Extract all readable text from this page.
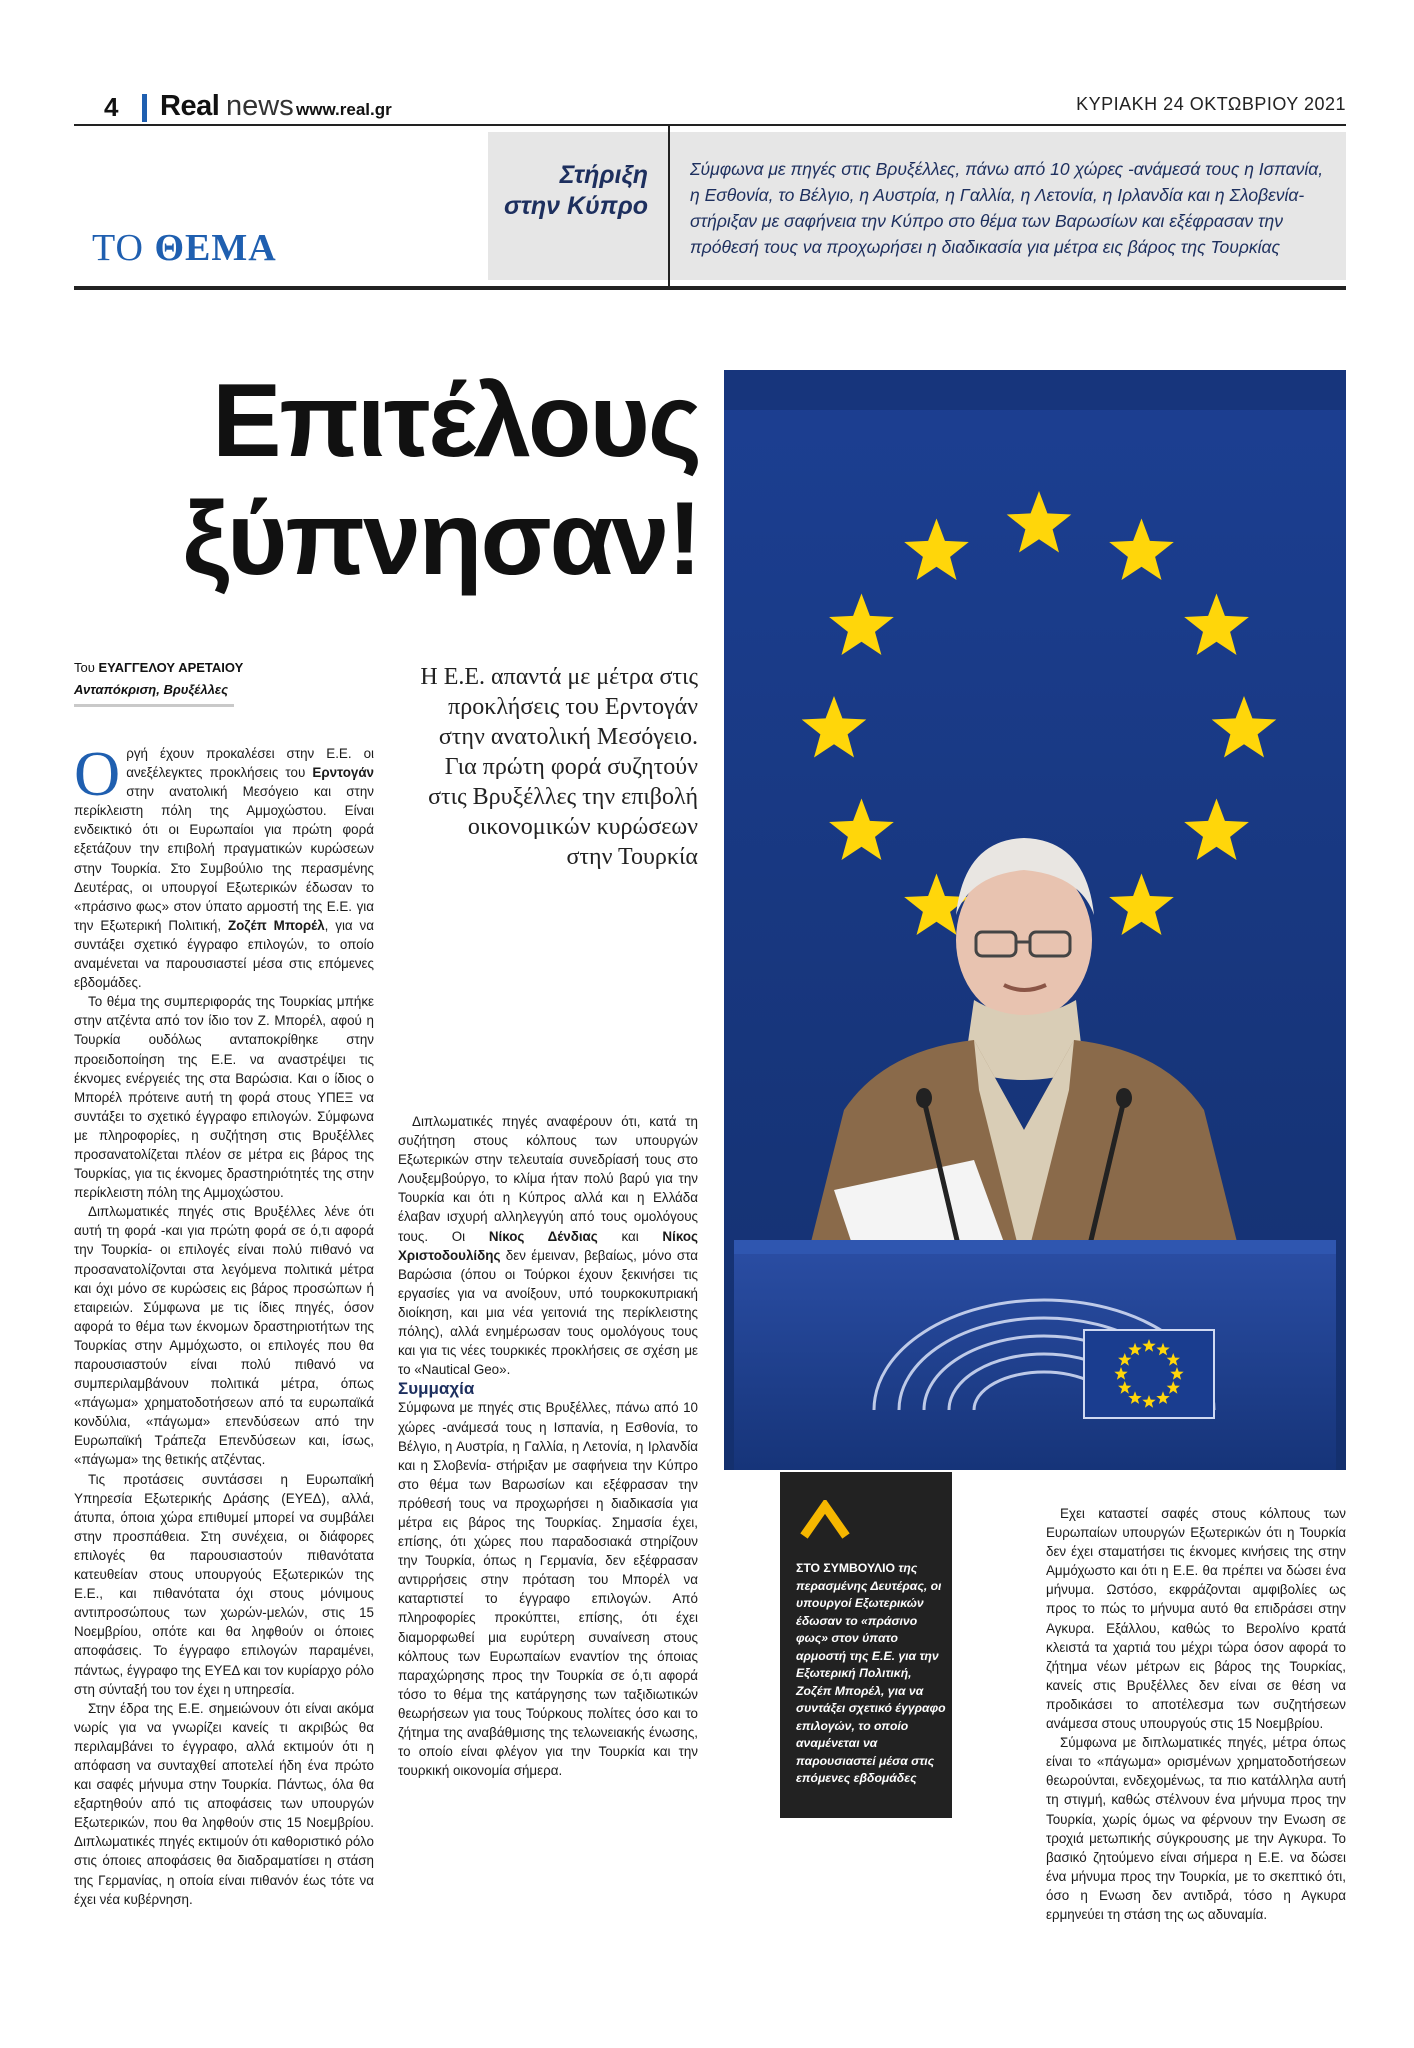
4 Real news www.real.gr	ΚΥΡΙΑΚΗ 24 ΟΚΤΩΒΡΙΟΥ 2021
Στήριξη
στην Κύπρο
Σύμφωνα με πηγές στις Βρυξέλλες, πάνω από 10 χώρες -ανάμεσά τους η Ισπανία, η Εσθονία, το Βέλγιο, η Αυστρία, η Γαλλία, η Λετονία, η Ιρλανδία και η Σλοβενία- στήριξαν με σαφήνεια την Κύπρο στο θέμα των Βαρωσίων και εξέφρασαν την πρόθεσή τους να προχωρήσει η διαδικασία για μέτρα εις βάρος της Τουρκίας
ΤΟ ΘΕΜΑ
Επιτέλους
ξύπνησαν!
Του ΕΥΑΓΓΕΛΟΥ ΑΡΕΤΑΙΟΥ
Ανταπόκριση, Βρυξέλλες	Η Ε.Ε. απαντά με μέτρα στις προκλήσεις του Ερντογάν στην ανατολική Μεσόγειο. Για πρώτη φορά συζητούν στις Βρυξέλλες την επιβολή οικονομικών κυρώσεων στην Τουρκία

Οργή έχουν προκαλέσει στην Ε.Ε. οι ανεξέλεγκτες προκλήσεις του Ερντογάν στην ανατολική Μεσόγειο και στην περίκλειστη πόλη της Αμμοχώστου. Είναι ενδεικτικό ότι οι Ευρωπαίοι για πρώτη φορά εξετάζουν την επιβολή πραγματικών κυρώσεων στην Τουρκία. Στο Συμβούλιο της περασμένης Δευτέρας, οι υπουργοί Εξωτερικών έδωσαν το «πράσινο φως» στον ύπατο αρμοστή της Ε.Ε. για την Εξωτερική Πολιτική, Ζοζέπ Μπορέλ, για να συντάξει σχετικό έγγραφο επιλογών, το οποίο αναμένεται να παρουσιαστεί μέσα στις επόμενες εβδομάδες.

Το θέμα της συμπεριφοράς της Τουρκίας μπήκε στην ατζέντα από τον ίδιο τον Ζ. Μπορέλ, αφού η Τουρκία ουδόλως ανταποκρίθηκε στην προειδοποίηση της Ε.Ε. να αναστρέψει τις έκνομες ενέργειές της στα Βαρώσια. Και ο ίδιος ο Μπορέλ πρότεινε αυτή τη φορά στους ΥΠΕΞ να συντάξει το σχετικό έγγραφο επιλογών. Σύμφωνα με πληροφορίες, η συζήτηση στις Βρυξέλλες προσανατολίζεται πλέον σε μέτρα εις βάρος της Τουρκίας, για τις έκνομες δραστηριότητές της στην περίκλειστη πόλη της Αμμοχώστου.

Διπλωματικές πηγές στις Βρυξέλλες λένε ότι αυτή τη φορά -και για πρώτη φορά σε ό,τι αφορά την Τουρκία- οι επιλογές είναι πολύ πιθανό να προσανατολίζονται στα λεγόμενα πολιτικά μέτρα και όχι μόνο σε κυρώσεις εις βάρος προσώπων ή εταιρειών. Σύμφωνα με τις ίδιες πηγές, όσον αφορά το θέμα των έκνομων δραστηριοτήτων της Τουρκίας στην Αμμόχωστο, οι επιλογές που θα παρουσιαστούν είναι πολύ πιθανό να συμπεριλαμβάνουν πολιτικά μέτρα, όπως «πάγωμα» χρηματοδοτήσεων από τα ευρωπαϊκά κονδύλια, «πάγωμα» επενδύσεων από την Ευρωπαϊκή Τράπεζα Επενδύσεων και, ίσως, «πάγωμα» της θετικής ατζέντας.

Τις προτάσεις συντάσσει η Ευρωπαϊκή Υπηρεσία Εξωτερικής Δράσης (ΕΥΕΔ), αλλά, άτυπα, όποια χώρα επιθυμεί μπορεί να συμβάλει στην προσπάθεια. Στη συνέχεια, οι διάφορες επιλογές θα παρουσιαστούν πιθανότατα κατευθείαν στους υπουργούς Εξωτερικών της Ε.Ε., και πιθανότατα όχι στους μόνιμους αντιπροσώπους των χωρών-μελών, στις 15 Νοεμβρίου, οπότε και θα ληφθούν οι όποιες αποφάσεις. Το έγγραφο επιλογών παραμένει, πάντως, έγγραφο της ΕΥΕΔ και τον κυρίαρχο ρόλο στη σύνταξή του τον έχει η υπηρεσία.

Στην έδρα της Ε.Ε. σημειώνουν ότι είναι ακόμα νωρίς για να γνωρίζει κανείς τι ακριβώς θα περιλαμβάνει το έγγραφο, αλλά εκτιμούν ότι η απόφαση να συνταχθεί αποτελεί ήδη ένα πρώτο και σαφές μήνυμα στην Τουρκία. Πάντως, όλα θα εξαρτηθούν από τις αποφάσεις των υπουργών Εξωτερικών, που θα ληφθούν στις 15 Νοεμβρίου. Διπλωματικές πηγές εκτιμούν ότι καθοριστικό ρόλο στις όποιες αποφάσεις θα διαδραματίσει η στάση της Γερμανίας, η οποία είναι πιθανόν έως τότε να έχει νέα κυβέρνηση.

Διπλωματικές πηγές αναφέρουν ότι, κατά τη συζήτηση στους κόλπους των υπουργών Εξωτερικών στην τελευταία συνεδρίασή τους στο Λουξεμβούργο, το κλίμα ήταν πολύ βαρύ για την Τουρκία και ότι η Κύπρος αλλά και η Ελλάδα έλαβαν ισχυρή αλληλεγγύη από τους ομολόγους τους. Οι Νίκος Δένδιας και Νίκος Χριστοδουλίδης δεν έμειναν, βεβαίως, μόνο στα Βαρώσια (όπου οι Τούρκοι έχουν ξεκινήσει τις εργασίες για να ανοίξουν, υπό τουρκοκυπριακή διοίκηση, και μια νέα γειτονιά της περίκλειστης πόλης), αλλά ενημέρωσαν τους ομολόγους τους και για τις νέες τουρκικές προκλήσεις σε σχέση με το «Nautical Geo».

Συμμαχία

Σύμφωνα με πηγές στις Βρυξέλλες, πάνω από 10 χώρες -ανάμεσά τους η Ισπανία, η Εσθονία, το Βέλγιο, η Αυστρία, η Γαλλία, η Λετονία, η Ιρλανδία και η Σλοβενία- στήριξαν με σαφήνεια την Κύπρο στο θέμα των Βαρωσίων και εξέφρασαν την πρόθεσή τους να προχωρήσει η διαδικασία για μέτρα εις βάρος της Τουρκίας. Σημασία έχει, επίσης, ότι χώρες που παραδοσιακά στηρίζουν την Τουρκία, όπως η Γερμανία, δεν εξέφρασαν αντιρρήσεις στην πρόταση του Μπορέλ να καταρτιστεί το έγγραφο επιλογών. Από πληροφορίες προκύπτει, επίσης, ότι έχει διαμορφωθεί μια ευρύτερη συναίνεση στους κόλπους των Ευρωπαίων εναντίον της όποιας παραχώρησης προς την Τουρκία σε ό,τι αφορά τόσο το θέμα της κατάργησης των ταξιδιωτικών θεωρήσεων για τους Τούρκους πολίτες όσο και το ζήτημα της αναβάθμισης της τελωνειακής ένωσης, το οποίο είναι φλέγον για την Τουρκία και την τουρκική οικονομία σήμερα.

ΣΤΟ ΣΥΜΒΟΥΛΙΟ της περασμένης Δευτέρας, οι υπουργοί Εξωτερικών έδωσαν το «πράσινο φως» στον ύπατο αρμοστή της Ε.Ε. για την Εξωτερική Πολιτική, Ζοζέπ Μπορέλ, για να συντάξει σχετικό έγγραφο επιλογών, το οποίο αναμένεται να παρουσιαστεί μέσα στις επόμενες εβδομάδες

Εχει καταστεί σαφές στους κόλπους των Ευρωπαίων υπουργών Εξωτερικών ότι η Τουρκία δεν έχει σταματήσει τις έκνομες κινήσεις της στην Αμμόχωστο και ότι η Ε.Ε. θα πρέπει να δώσει ένα μήνυμα. Ωστόσο, εκφράζονται αμφιβολίες ως προς το πώς το μήνυμα αυτό θα επιδράσει στην Αγκυρα. Εξάλλου, καθώς το Βερολίνο κρατά κλειστά τα χαρτιά του μέχρι τώρα όσον αφορά το ζήτημα νέων μέτρων εις βάρος της Τουρκίας, κανείς στις Βρυξέλλες δεν είναι σε θέση να προδικάσει το αποτέλεσμα των συζητήσεων ανάμεσα στους υπουργούς στις 15 Νοεμβρίου.

Σύμφωνα με διπλωματικές πηγές, μέτρα όπως είναι το «πάγωμα» ορισμένων χρηματοδοτήσεων θεωρούνται, ενδεχομένως, τα πιο κατάλληλα αυτή τη στιγμή, καθώς στέλνουν ένα μήνυμα προς την Τουρκία, χωρίς όμως να φέρνουν την Ενωση σε τροχιά μετωπικής σύγκρουσης με την Αγκυρα. Το βασικό ζητούμενο είναι σήμερα η Ε.Ε. να δώσει ένα μήνυμα προς την Τουρκία, με το σκεπτικό ότι, όσο η Ενωση δεν αντιδρά, τόσο η Αγκυρα ερμηνεύει τη στάση της ως αδυναμία.
